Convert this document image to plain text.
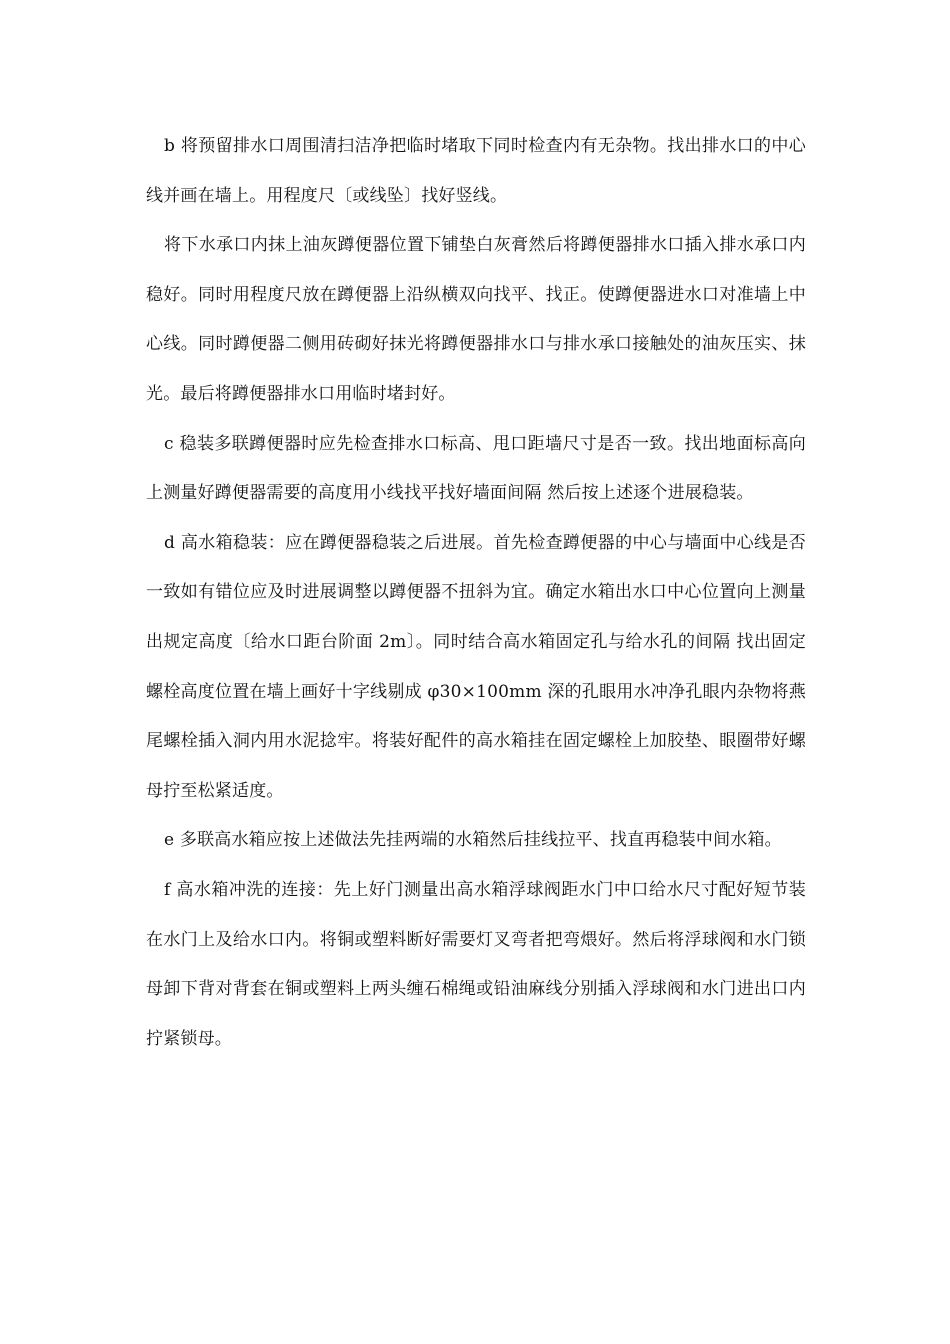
b 将预留排水口周围清扫洁净把临时堵取下同时检查内有无杂物。找出排水口的中心线并画在墙上。用程度尺〔或线坠〕找好竖线。

将下水承口内抹上油灰蹲便器位置下铺垫白灰膏然后将蹲便器排水口插入排水承口内稳好。同时用程度尺放在蹲便器上沿纵横双向找平、找正。使蹲便器进水口对准墙上中心线。同时蹲便器二侧用砖砌好抹光将蹲便器排水口与排水承口接触处的油灰压实、抹光。最后将蹲便器排水口用临时堵封好。

c 稳装多联蹲便器时应先检查排水口标高、甩口距墙尺寸是否一致。找出地面标高向上测量好蹲便器需要的高度用小线找平找好墙面间隔 然后按上述逐个进展稳装。

d 高水箱稳装：应在蹲便器稳装之后进展。首先检查蹲便器的中心与墙面中心线是否一致如有错位应及时进展调整以蹲便器不扭斜为宜。确定水箱出水口中心位置向上测量出规定高度〔给水口距台阶面 2m〕。同时结合高水箱固定孔与给水孔的间隔 找出固定螺栓高度位置在墙上画好十字线剔成 φ30×100mm 深的孔眼用水冲净孔眼内杂物将燕尾螺栓插入洞内用水泥捻牢。将装好配件的高水箱挂在固定螺栓上加胶垫、眼圈带好螺母拧至松紧适度。

e 多联高水箱应按上述做法先挂两端的水箱然后挂线拉平、找直再稳装中间水箱。

f 高水箱冲洗的连接：先上好门测量出高水箱浮球阀距水门中口给水尺寸配好短节装在水门上及给水口内。将铜或塑料断好需要灯叉弯者把弯煨好。然后将浮球阀和水门锁母卸下背对背套在铜或塑料上两头缠石棉绳或铅油麻线分别插入浮球阀和水门进出口内拧紧锁母。
